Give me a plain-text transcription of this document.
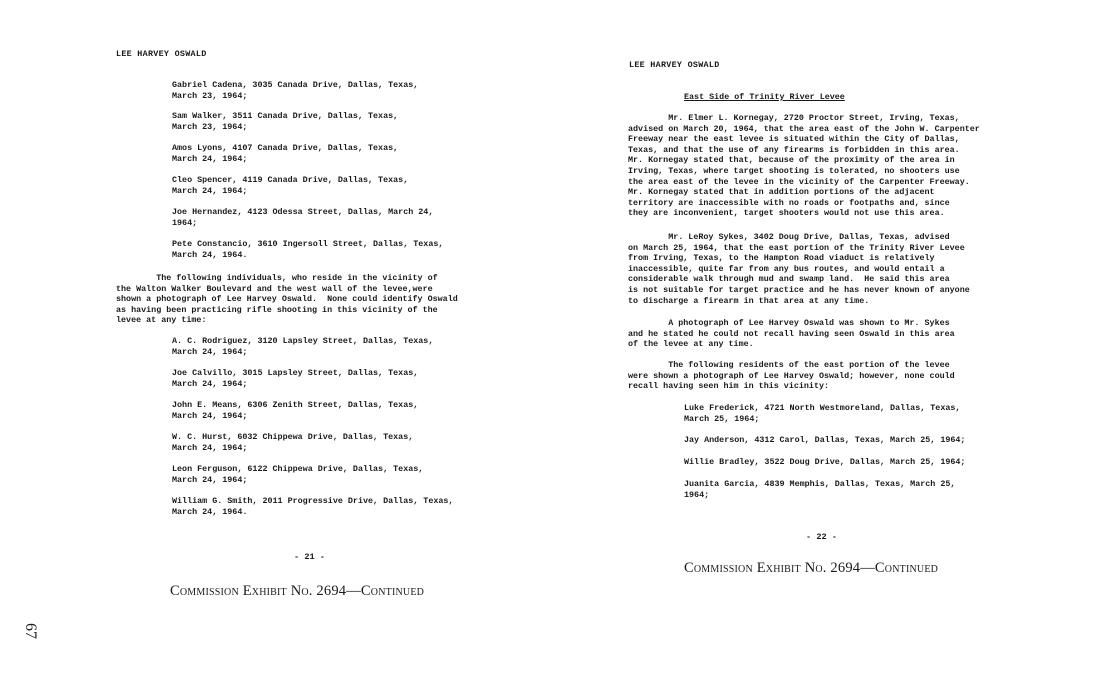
LEE HARVEY OSWALD
Gabriel Cadena, 3035 Canada Drive, Dallas, Texas,
March 23, 1964;
Sam Walker, 3511 Canada Drive, Dallas, Texas,
March 23, 1964;
Amos Lyons, 4107 Canada Drive, Dallas, Texas,
March 24, 1964;
Cleo Spencer, 4119 Canada Drive, Dallas, Texas,
March 24, 1964;
Joe Hernandez, 4123 Odessa Street, Dallas, March 24,
1964;
Pete Constancio, 3610 Ingersoll Street, Dallas, Texas,
March 24, 1964.
The following individuals, who reside in the vicinity of
the Walton Walker Boulevard and the west wall of the levee,were
shown a photograph of Lee Harvey Oswald.  None could identify Oswald
as having been practicing rifle shooting in this vicinity of the
levee at any time:
A. C. Rodriguez, 3120 Lapsley Street, Dallas, Texas,
March 24, 1964;
Joe Calvillo, 3015 Lapsley Street, Dallas, Texas,
March 24, 1964;
John E. Means, 6306 Zenith Street, Dallas, Texas,
March 24, 1964;
W. C. Hurst, 6032 Chippewa Drive, Dallas, Texas,
March 24, 1964;
Leon Ferguson, 6122 Chippewa Drive, Dallas, Texas,
March 24, 1964;
William G. Smith, 2011 Progressive Drive, Dallas, Texas,
March 24, 1964.
- 21 -
Commission Exhibit No. 2694—Continued
LEE HARVEY OSWALD
East Side of Trinity River Levee
Mr. Elmer L. Kornegay, 2720 Proctor Street, Irving, Texas,
advised on March 20, 1964, that the area east of the John W. Carpenter
Freeway near the east levee is situated within the City of Dallas,
Texas, and that the use of any firearms is forbidden in this area.
Mr. Kornegay stated that, because of the proximity of the area in
Irving, Texas, where target shooting is tolerated, no shooters use
the area east of the levee in the vicinity of the Carpenter Freeway.
Mr. Kornegay stated that in addition portions of the adjacent
territory are inaccessible with no roads or footpaths and, since
they are inconvenient, target shooters would not use this area.
Mr. LeRoy Sykes, 3402 Doug Drive, Dallas, Texas, advised
on March 25, 1964, that the east portion of the Trinity River Levee
from Irving, Texas, to the Hampton Road viaduct is relatively
inaccessible, quite far from any bus routes, and would entail a
considerable walk through mud and swamp land.  He said this area
is not suitable for target practice and he has never known of anyone
to discharge a firearm in that area at any time.
A photograph of Lee Harvey Oswald was shown to Mr. Sykes
and he stated he could not recall having seen Oswald in this area
of the levee at any time.
The following residents of the east portion of the levee
were shown a photograph of Lee Harvey Oswald; however, none could
recall having seen him in this vicinity:
Luke Frederick, 4721 North Westmoreland, Dallas, Texas,
March 25, 1964;
Jay Anderson, 4312 Carol, Dallas, Texas, March 25, 1964;
Willie Bradley, 3522 Doug Drive, Dallas, March 25, 1964;
Juanita Garcia, 4839 Memphis, Dallas, Texas, March 25,
1964;
- 22 -
Commission Exhibit No. 2694—Continued
67
